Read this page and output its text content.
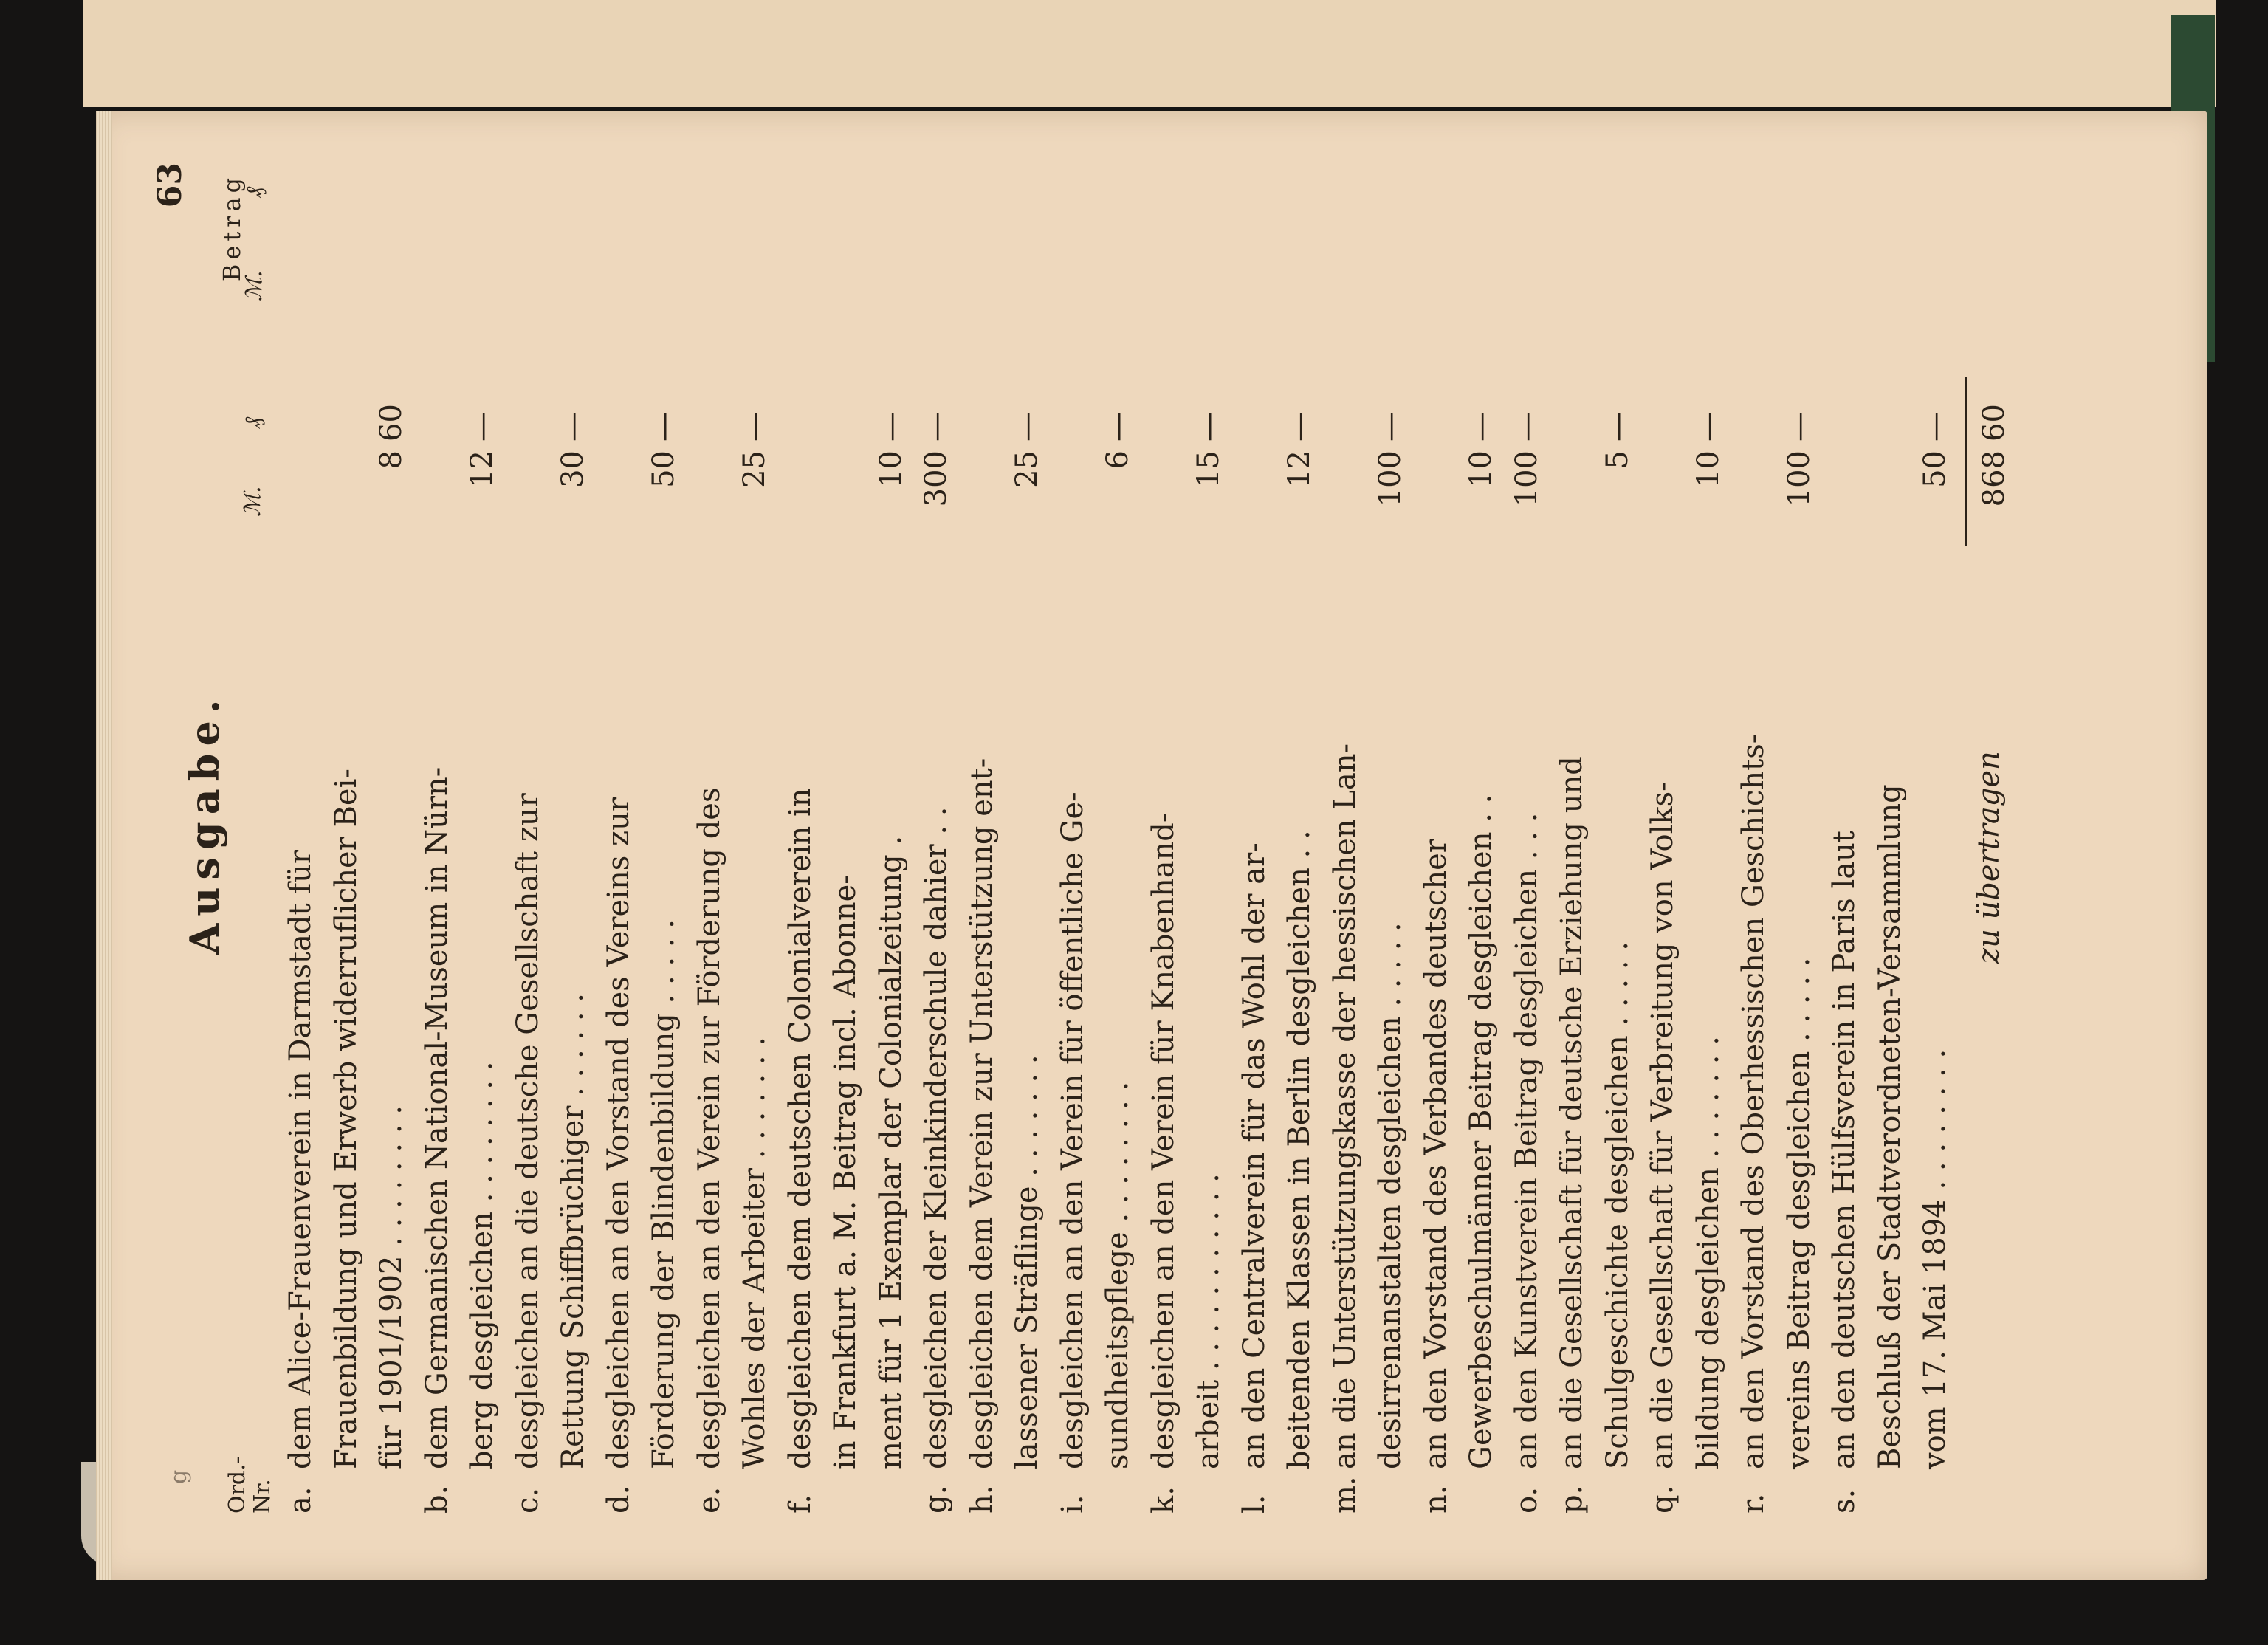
63
g
Ausgabe.
Ord.-
Nr.
ℳ.
₰
Betrag
ℳ.
₰
a.
dem Alice-Frauenverein in Darmstadt für Frauenbildung und Erwerb widerruflicher Bei- für 1901/1902 . . . . . . . .
8
60
b.
dem Germanischen National-Museum in Nürn- berg desgleichen . . . . . . . .
12
—
c.
desgleichen an die deutsche Gesellschaft zur Rettung Schiffbrüchiger . . . . . .
30
—
d.
desgleichen an den Vorstand des Vereins zur Förderung der Blindenbildung . . . . .
50
—
e.
desgleichen an den Verein zur Förderung des Wohles der Arbeiter . . . . . . .
25
—
f.
desgleichen dem deutschen Colonialverein in in Frankfurt a. M. Beitrag incl. Abonne- ment für 1 Exemplar der Colonialzeitung .
10
—
g.
desgleichen der Kleinkinderschule dahier . .
300
—
h.
desgleichen dem Verein zur Unterstützung ent- lassener Sträflinge . . . . . . .
25
—
i.
desgleichen an den Verein für öffentliche Ge- sundheitspflege . . . . . . . .
6
—
k.
desgleichen an den Verein für Knabenhand- arbeit . . . . . . . . . . .
15
—
l.
an den Centralverein für das Wohl der ar- beitenden Klassen in Berlin desgleichen . .
12
—
m.
an die Unterstützungskasse der hessischen Lan- desirrenanstalten desgleichen . . . . .
100
—
n.
an den Vorstand des Verbandes deutscher Gewerbeschulmänner Beitrag desgleichen . .
10
—
o.
an den Kunstverein Beitrag desgleichen . . .
100
—
p.
an die Gesellschaft für deutsche Erziehung und Schulgeschichte desgleichen . . . . .
5
—
q.
an die Gesellschaft für Verbreitung von Volks- bildung desgleichen . . . . . . .
10
—
r.
an den Vorstand des Oberhessischen Geschichts- vereins Beitrag desgleichen . . . . .
100
—
s.
an den deutschen Hülfsverein in Paris laut Beschluß der Stadtverordneten-Versammlung vom 17. Mai 1894 . . . . . . . .
50
—
zu übertragen
868
60
